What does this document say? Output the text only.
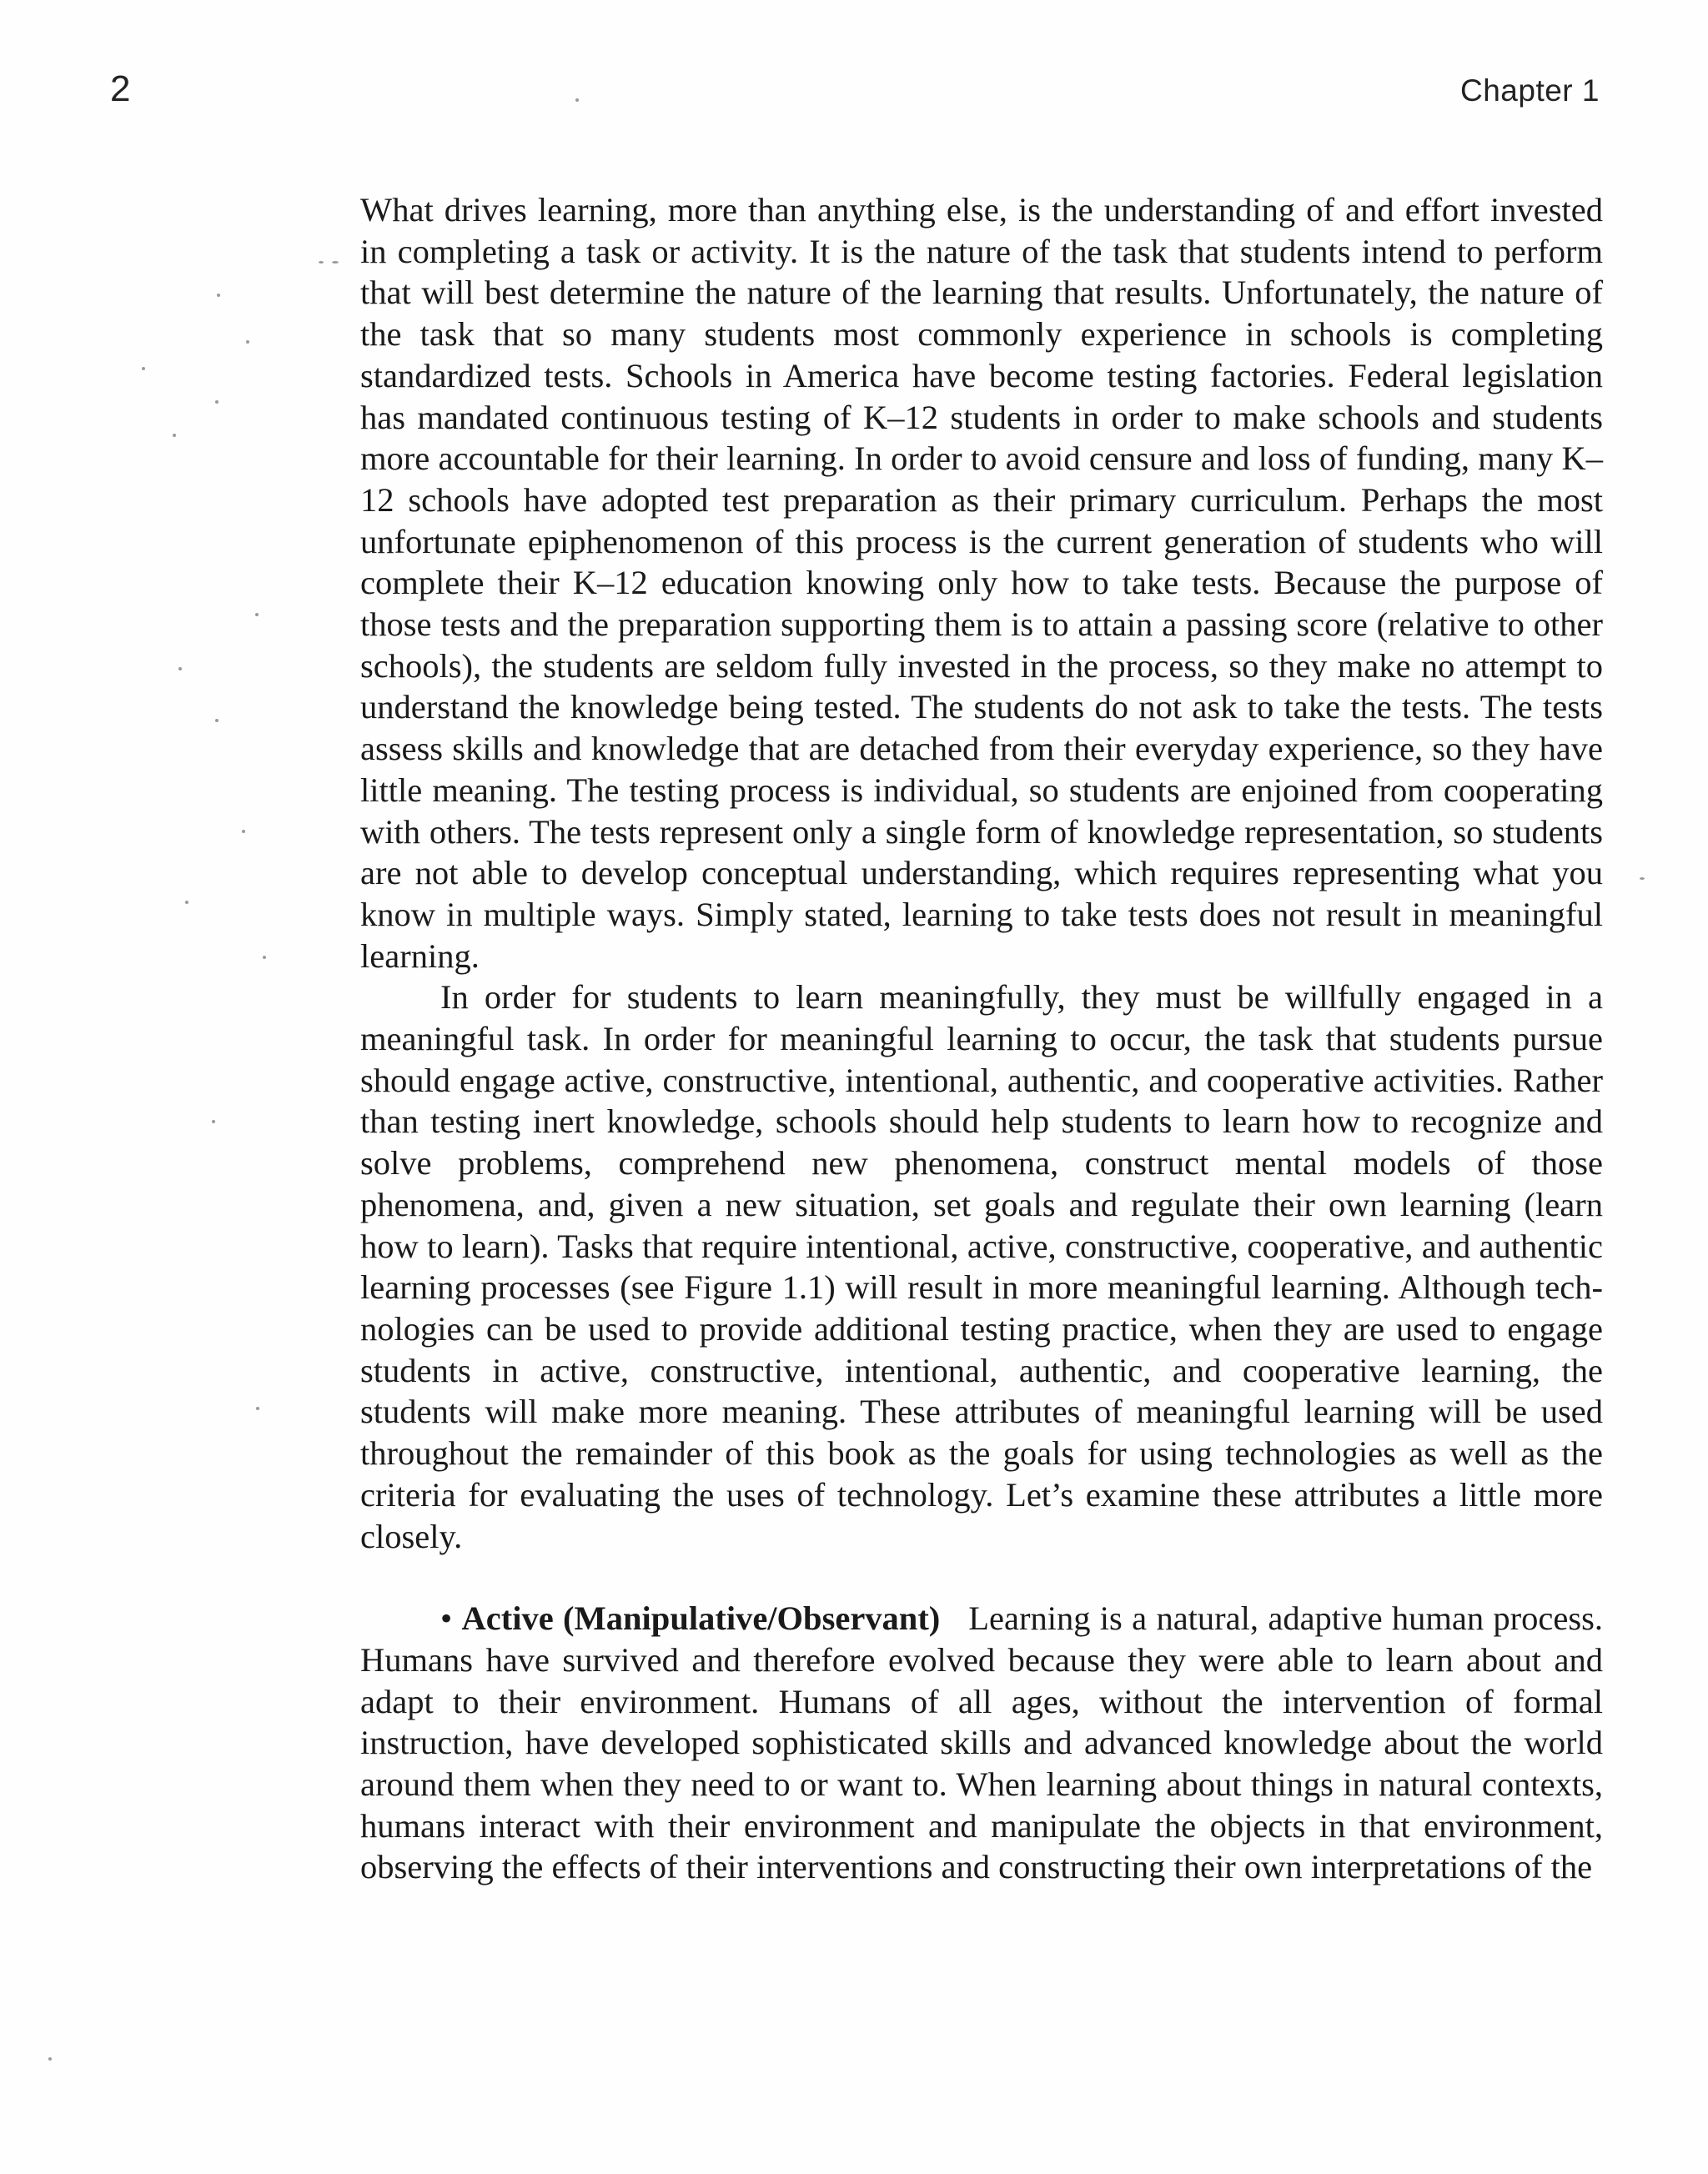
2	Chapter 1

What drives learning, more than anything else, is the understanding of and effort invested in completing a task or activity. It is the nature of the task that students intend to perform that will best determine the nature of the learning that results. Unfortunately, the nature of the task that so many students most commonly experience in schools is completing standardized tests. Schools in America have become testing factories. Federal legislation has mandated continuous testing of K–12 students in order to make schools and students more accountable for their learning. In order to avoid censure and loss of funding, many K–12 schools have adopted test preparation as their primary curriculum. Perhaps the most unfortunate epiphenomenon of this process is the current generation of students who will complete their K–12 education knowing only how to take tests. Because the purpose of those tests and the preparation supporting them is to attain a passing score (relative to other schools), the students are seldom fully invested in the process, so they make no attempt to understand the knowledge being tested. The students do not ask to take the tests. The tests assess skills and knowledge that are detached from their everyday experience, so they have little meaning. The testing process is individual, so students are enjoined from cooperating with others. The tests represent only a single form of knowledge representation, so students are not able to develop conceptual understanding, which requires representing what you know in multiple ways. Simply stated, learning to take tests does not result in meaningful learning.

In order for students to learn meaningfully, they must be willfully engaged in a meaningful task. In order for meaningful learning to occur, the task that students pursue should engage active, constructive, intentional, authentic, and cooperative activities. Rather than testing inert knowledge, schools should help students to learn how to recognize and solve problems, comprehend new phenomena, construct mental models of those phenomena, and, given a new situation, set goals and regulate their own learning (learn how to learn). Tasks that require intentional, active, constructive, cooperative, and authentic learning processes (see Figure 1.1) will result in more meaningful learning. Although technologies can be used to provide additional testing practice, when they are used to engage students in active, constructive, intentional, authentic, and cooperative learning, the students will make more meaning. These attributes of meaningful learning will be used throughout the remainder of this book as the goals for using technologies as well as the criteria for evaluating the uses of technology. Let’s examine these attributes a little more closely.

• Active (Manipulative/Observant) Learning is a natural, adaptive human process. Humans have survived and therefore evolved because they were able to learn about and adapt to their environment. Humans of all ages, without the intervention of formal instruction, have developed sophisticated skills and advanced knowledge about the world around them when they need to or want to. When learning about things in natural contexts, humans interact with their environment and manipulate the objects in that environment, observing the effects of their interventions and constructing their own interpretations of the
